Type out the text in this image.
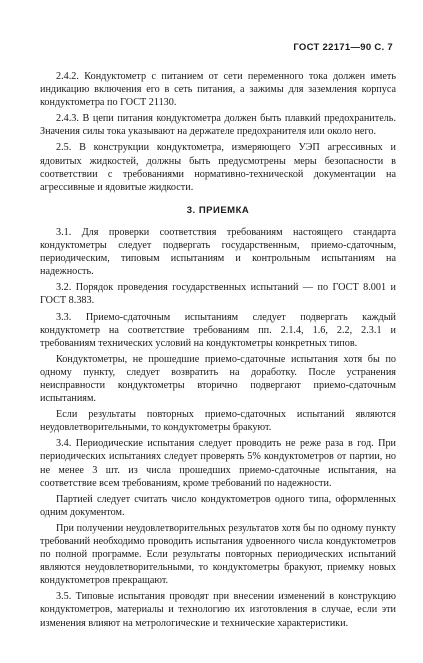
ГОСТ 22171—90 С. 7

2.4.2. Кондуктометр с питанием от сети переменного тока должен иметь индикацию включения его в сеть питания, а зажимы для заземления корпуса кондуктометра по ГОСТ 21130.

2.4.3. В цепи питания кондуктометра должен быть плавкий предохранитель. Значения силы тока указывают на держателе предохранителя или около него.

2.5. В конструкции кондуктометра, измеряющего УЭП агрессивных и ядовитых жидкостей, должны быть предусмотрены меры безопасности в соответствии с требованиями нормативно-технической документации на агрессивные и ядовитые жидкости.

3. ПРИЕМКА

3.1. Для проверки соответствия требованиям настоящего стандарта кондуктометры следует подвергать государственным, приемо-сдаточным, периодическим, типовым испытаниям и контрольным испытаниям на надежность.

3.2. Порядок проведения государственных испытаний — по ГОСТ 8.001 и ГОСТ 8.383.

3.3. Приемо-сдаточным испытаниям следует подвергать каждый кондуктометр на соответствие требованиям пп. 2.1.4, 1.6, 2.2, 2.3.1 и требованиям технических условий на кондуктометры конкретных типов.

Кондуктометры, не прошедшие приемо-сдаточные испытания хотя бы по одному пункту, следует возвратить на доработку. После устранения неисправности кондуктометры вторично подвергают приемо-сдаточным испытаниям.

Если результаты повторных приемо-сдаточных испытаний являются неудовлетворительными, то кондуктометры бракуют.

3.4. Периодические испытания следует проводить не реже раза в год. При периодических испытаниях следует проверять 5% кондуктометров от партии, но не менее 3 шт. из числа прошедших приемо-сдаточные испытания, на соответствие всем требованиям, кроме требований по надежности.

Партией следует считать число кондуктометров одного типа, оформленных одним документом.

При получении неудовлетворительных результатов хотя бы по одному пункту требований необходимо проводить испытания удвоенного числа кондуктометров по полной программе. Если результаты повторных периодических испытаний являются неудовлетворительными, то кондуктометры бракуют, приемку новых кондуктометров прекращают.

3.5. Типовые испытания проводят при внесении изменений в конструкцию кондуктометров, материалы и технологию их изготовления в случае, если эти изменения влияют на метрологические и технические характеристики.
